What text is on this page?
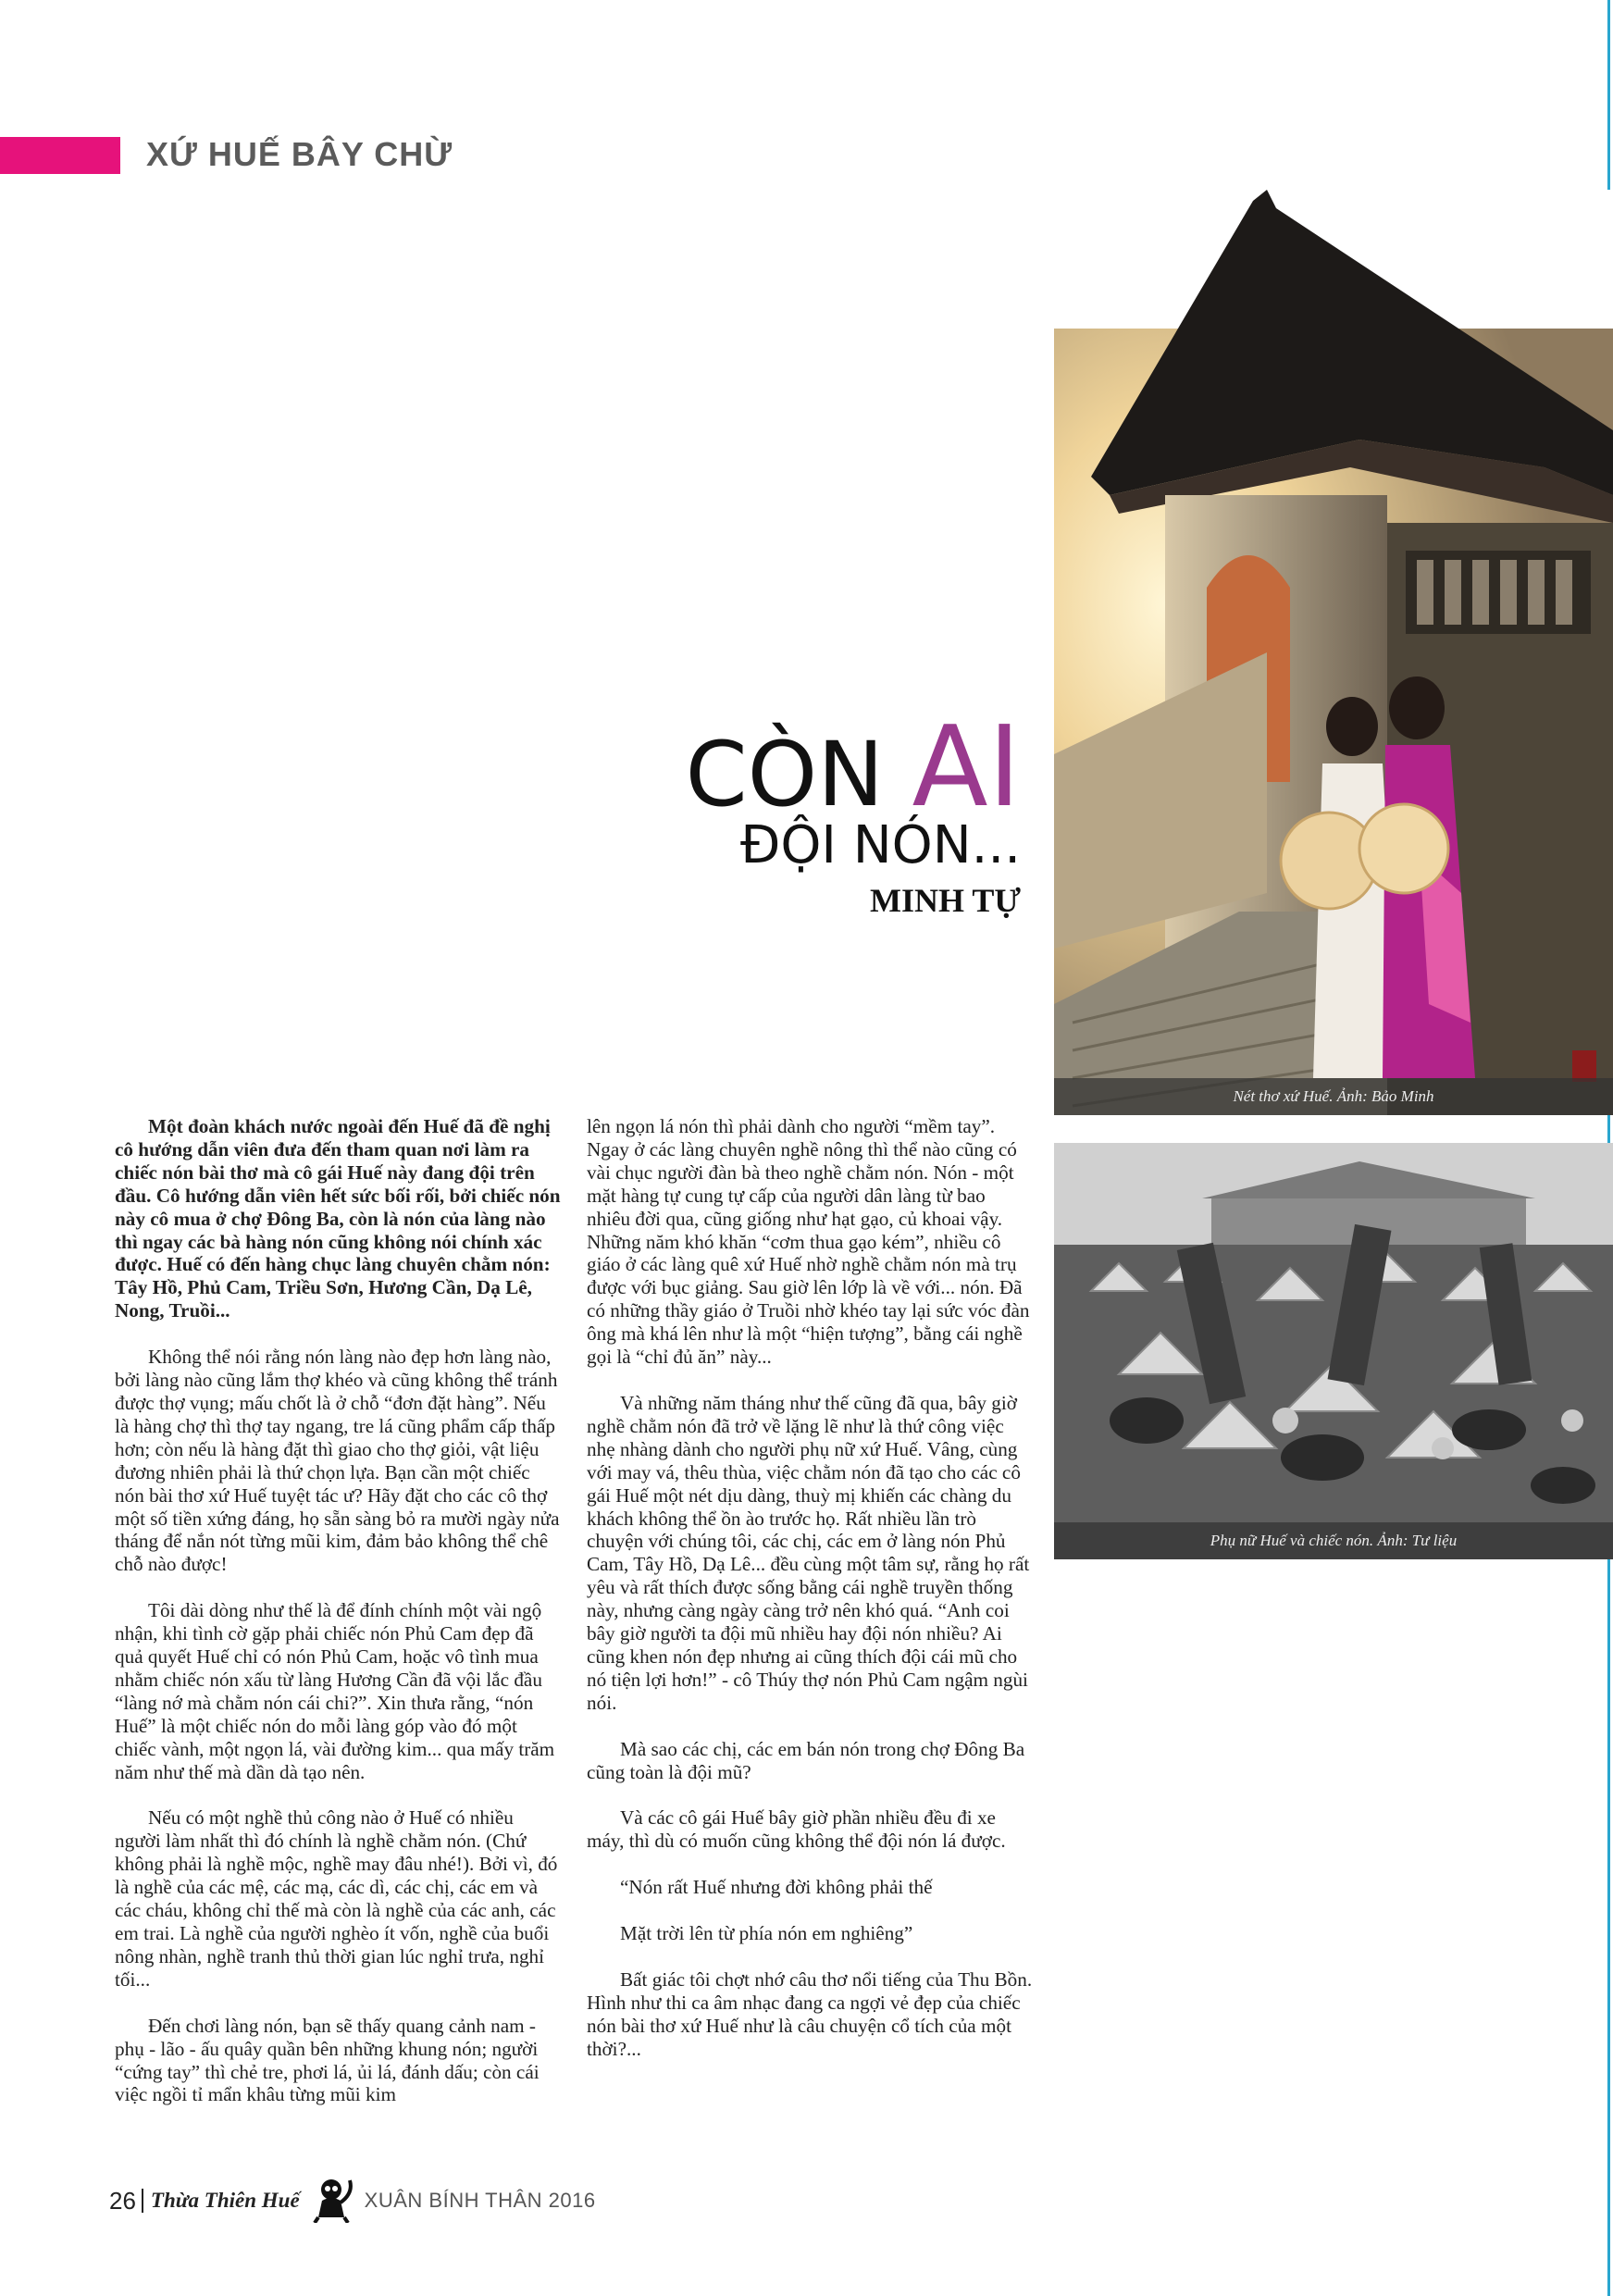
XỨ HUẾ BÂY CHỪ
CÒN AI
ĐỘI NÓN...
MINH TỰ
Nét thơ xứ Huế. Ảnh: Bảo Minh
Phụ nữ Huế và chiếc nón. Ảnh: Tư liệu

Một đoàn khách nước ngoài đến Huế đã đề nghị cô hướng dẫn viên đưa đến tham quan nơi làm ra chiếc nón bài thơ mà cô gái Huế này đang đội trên đầu. Cô hướng dẫn viên hết sức bối rối, bởi chiếc nón này cô mua ở chợ Đông Ba, còn là nón của làng nào thì ngay các bà hàng nón cũng không nói chính xác được. Huế có đến hàng chục làng chuyên chằm nón: Tây Hồ, Phủ Cam, Triều Sơn, Hương Cần, Dạ Lê, Nong, Truồi...

Không thể nói rằng nón làng nào đẹp hơn làng nào, bởi làng nào cũng lắm thợ khéo và cũng không thể tránh được thợ vụng; mấu chốt là ở chỗ “đơn đặt hàng”. Nếu là hàng chợ thì thợ tay ngang, tre lá cũng phẩm cấp thấp hơn; còn nếu là hàng đặt thì giao cho thợ giỏi, vật liệu đương nhiên phải là thứ chọn lựa. Bạn cần một chiếc nón bài thơ xứ Huế tuyệt tác ư? Hãy đặt cho các cô thợ một số tiền xứng đáng, họ sẵn sàng bỏ ra mười ngày nửa tháng để nắn nót từng mũi kim, đảm bảo không thể chê chỗ nào được!

Tôi dài dòng như thế là để đính chính một vài ngộ nhận, khi tình cờ gặp phải chiếc nón Phủ Cam đẹp đã quả quyết Huế chỉ có nón Phủ Cam, hoặc vô tình mua nhằm chiếc nón xấu từ làng Hương Cần đã vội lắc đầu “làng nớ mà chằm nón cái chi?”. Xin thưa rằng, “nón Huế” là một chiếc nón do mỗi làng góp vào đó một chiếc vành, một ngọn lá, vài đường kim... qua mấy trăm năm như thế mà dần dà tạo nên.

Nếu có một nghề thủ công nào ở Huế có nhiều người làm nhất thì đó chính là nghề chằm nón. (Chứ không phải là nghề mộc, nghề may đâu nhé!). Bởi vì, đó là nghề của các mệ, các mạ, các dì, các chị, các em và các cháu, không chỉ thế mà còn là nghề của các anh, các em trai. Là nghề của người nghèo ít vốn, nghề của buổi nông nhàn, nghề tranh thủ thời gian lúc nghỉ trưa, nghỉ tối...

Đến chơi làng nón, bạn sẽ thấy quang cảnh nam - phụ - lão - ấu quây quần bên những khung nón; người “cứng tay” thì chẻ tre, phơi lá, ủi lá, đánh dấu; còn cái việc ngồi tỉ mẩn khâu từng mũi kim

lên ngọn lá nón thì phải dành cho người “mềm tay”. Ngay ở các làng chuyên nghề nông thì thể nào cũng có vài chục người đàn bà theo nghề chằm nón. Nón - một mặt hàng tự cung tự cấp của người dân làng từ bao nhiêu đời qua, cũng giống như hạt gạo, củ khoai vậy. Những năm khó khăn “cơm thua gạo kém”, nhiều cô giáo ở các làng quê xứ Huế nhờ nghề chằm nón mà trụ được với bục giảng. Sau giờ lên lớp là về với... nón. Đã có những thầy giáo ở Truồi nhờ khéo tay lại sức vóc đàn ông mà khá lên như là một “hiện tượng”, bằng cái nghề gọi là “chỉ đủ ăn” này...

Và những năm tháng như thế cũng đã qua, bây giờ nghề chằm nón đã trở về lặng lẽ như là thứ công việc nhẹ nhàng dành cho người phụ nữ xứ Huế. Vâng, cùng với may vá, thêu thùa, việc chằm nón đã tạo cho các cô gái Huế một nét dịu dàng, thuỳ mị khiến các chàng du khách không thể ồn ào trước họ. Rất nhiều lần trò chuyện với chúng tôi, các chị, các em ở làng nón Phủ Cam, Tây Hồ, Dạ Lê... đều cùng một tâm sự, rằng họ rất yêu và rất thích được sống bằng cái nghề truyền thống này, nhưng càng ngày càng trở nên khó quá. “Anh coi bây giờ người ta đội mũ nhiều hay đội nón nhiều? Ai cũng khen nón đẹp nhưng ai cũng thích đội cái mũ cho nó tiện lợi hơn!” - cô Thúy thợ nón Phủ Cam ngậm ngùi nói.

Mà sao các chị, các em bán nón trong chợ Đông Ba cũng toàn là đội mũ?

Và các cô gái Huế bây giờ phần nhiều đều đi xe máy, thì dù có muốn cũng không thể đội nón lá được.

“Nón rất Huế nhưng đời không phải thế

Mặt trời lên từ phía nón em nghiêng”

Bất giác tôi chợt nhớ câu thơ nổi tiếng của Thu Bồn. Hình như thi ca âm nhạc đang ca ngợi vẻ đẹp của chiếc nón bài thơ xứ Huế như là câu chuyện cổ tích của một thời?...

26 Thừa Thiên Huế	XUÂN BÍNH THÂN 2016
